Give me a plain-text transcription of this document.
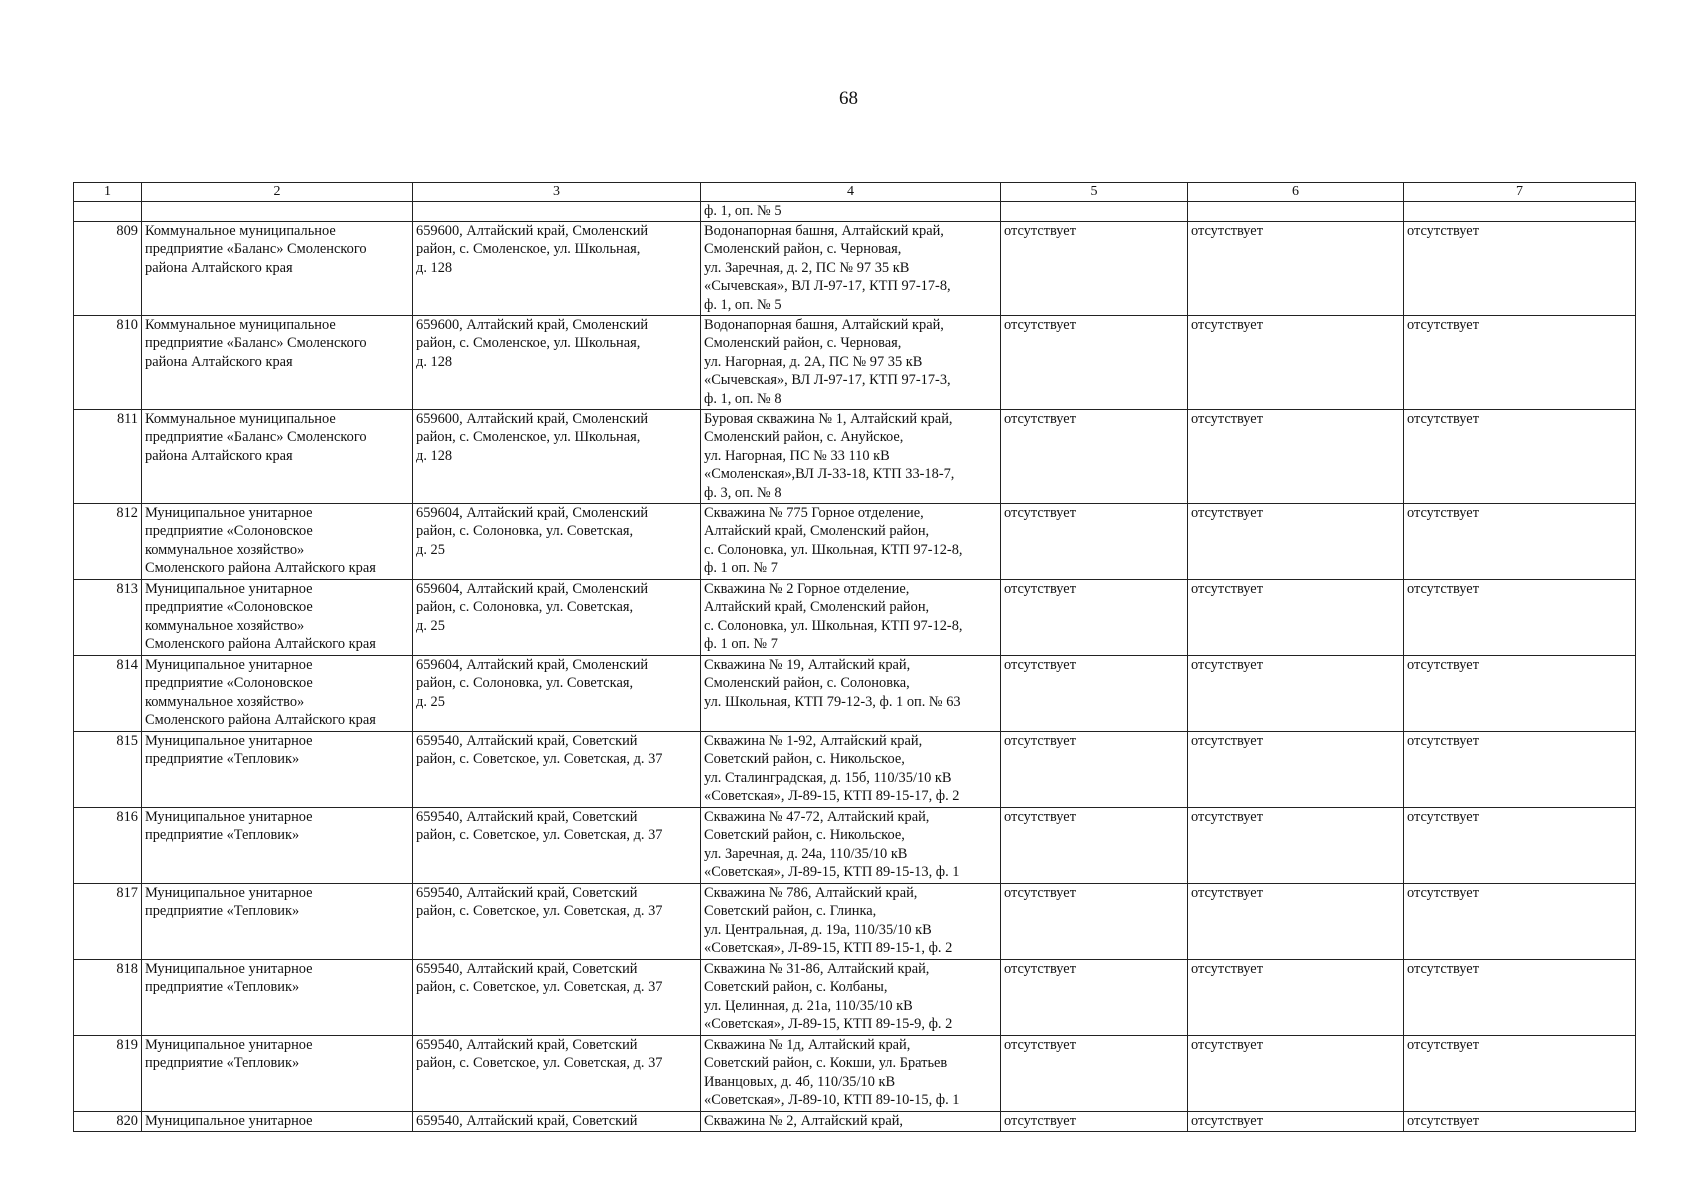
68
1	2	3	4	5	6	7
			ф. 1, оп. № 5			
809	Коммунальное муниципальное
предприятие «Баланс» Смоленского
района Алтайского края	659600, Алтайский край, Смоленский
район, с. Смоленское, ул. Школьная,
д. 128	Водонапорная башня, Алтайский край,
Смоленский район, с. Черновая,
ул. Заречная, д. 2, ПС № 97 35 кВ
«Сычевская», ВЛ Л-97-17, КТП 97-17-8,
ф. 1, оп. № 5	отсутствует	отсутствует	отсутствует
810	Коммунальное муниципальное
предприятие «Баланс» Смоленского
района Алтайского края	659600, Алтайский край, Смоленский
район, с. Смоленское, ул. Школьная,
д. 128	Водонапорная башня, Алтайский край,
Смоленский район, с. Черновая,
ул. Нагорная, д. 2А, ПС № 97 35 кВ
«Сычевская», ВЛ Л-97-17, КТП 97-17-3,
ф. 1, оп. № 8	отсутствует	отсутствует	отсутствует
811	Коммунальное муниципальное
предприятие «Баланс» Смоленского
района Алтайского края	659600, Алтайский край, Смоленский
район, с. Смоленское, ул. Школьная,
д. 128	Буровая скважина № 1, Алтайский край,
Смоленский район, с. Ануйское,
ул. Нагорная, ПС № 33 110 кВ
«Смоленская»,ВЛ Л-33-18, КТП 33-18-7,
ф. 3, оп. № 8	отсутствует	отсутствует	отсутствует
812	Муниципальное унитарное
предприятие «Солоновское
коммунальное хозяйство»
Смоленского района Алтайского края	659604, Алтайский край, Смоленский
район, с. Солоновка, ул. Советская,
д. 25	Скважина № 775 Горное отделение,
Алтайский край, Смоленский район,
с. Солоновка, ул. Школьная, КТП 97-12-8,
ф. 1 оп. № 7	отсутствует	отсутствует	отсутствует
813	Муниципальное унитарное
предприятие «Солоновское
коммунальное хозяйство»
Смоленского района Алтайского края	659604, Алтайский край, Смоленский
район, с. Солоновка, ул. Советская,
д. 25	Скважина № 2 Горное отделение,
Алтайский край, Смоленский район,
с. Солоновка, ул. Школьная, КТП 97-12-8,
ф. 1 оп. № 7	отсутствует	отсутствует	отсутствует
814	Муниципальное унитарное
предприятие «Солоновское
коммунальное хозяйство»
Смоленского района Алтайского края	659604, Алтайский край, Смоленский
район, с. Солоновка, ул. Советская,
д. 25	Скважина № 19, Алтайский край,
Смоленский район, с. Солоновка,
ул. Школьная, КТП 79-12-3, ф. 1 оп. № 63	отсутствует	отсутствует	отсутствует
815	Муниципальное унитарное
предприятие «Тепловик»	659540, Алтайский край, Советский
район, с. Советское, ул. Советская, д. 37	Скважина № 1-92, Алтайский край,
Советский район, с. Никольское,
ул. Сталинградская, д. 15б, 110/35/10 кВ
«Советская», Л-89-15, КТП 89-15-17, ф. 2	отсутствует	отсутствует	отсутствует
816	Муниципальное унитарное
предприятие «Тепловик»	659540, Алтайский край, Советский
район, с. Советское, ул. Советская, д. 37	Скважина № 47-72, Алтайский край,
Советский район, с. Никольское,
ул. Заречная, д. 24а, 110/35/10 кВ
«Советская», Л-89-15, КТП 89-15-13, ф. 1	отсутствует	отсутствует	отсутствует
817	Муниципальное унитарное
предприятие «Тепловик»	659540, Алтайский край, Советский
район, с. Советское, ул. Советская, д. 37	Скважина № 786, Алтайский край,
Советский район, с. Глинка,
ул. Центральная, д. 19а, 110/35/10 кВ
«Советская», Л-89-15, КТП 89-15-1, ф. 2	отсутствует	отсутствует	отсутствует
818	Муниципальное унитарное
предприятие «Тепловик»	659540, Алтайский край, Советский
район, с. Советское, ул. Советская, д. 37	Скважина № 31-86, Алтайский край,
Советский район, с. Колбаны,
ул. Целинная, д. 21а, 110/35/10 кВ
«Советская», Л-89-15, КТП 89-15-9, ф. 2	отсутствует	отсутствует	отсутствует
819	Муниципальное унитарное
предприятие «Тепловик»	659540, Алтайский край, Советский
район, с. Советское, ул. Советская, д. 37	Скважина № 1д, Алтайский край,
Советский район, с. Кокши, ул. Братьев
Иванцовых, д. 4б, 110/35/10 кВ
«Советская», Л-89-10, КТП 89-10-15, ф. 1	отсутствует	отсутствует	отсутствует
820	Муниципальное унитарное	659540, Алтайский край, Советский	Скважина № 2, Алтайский край,	отсутствует	отсутствует	отсутствует
